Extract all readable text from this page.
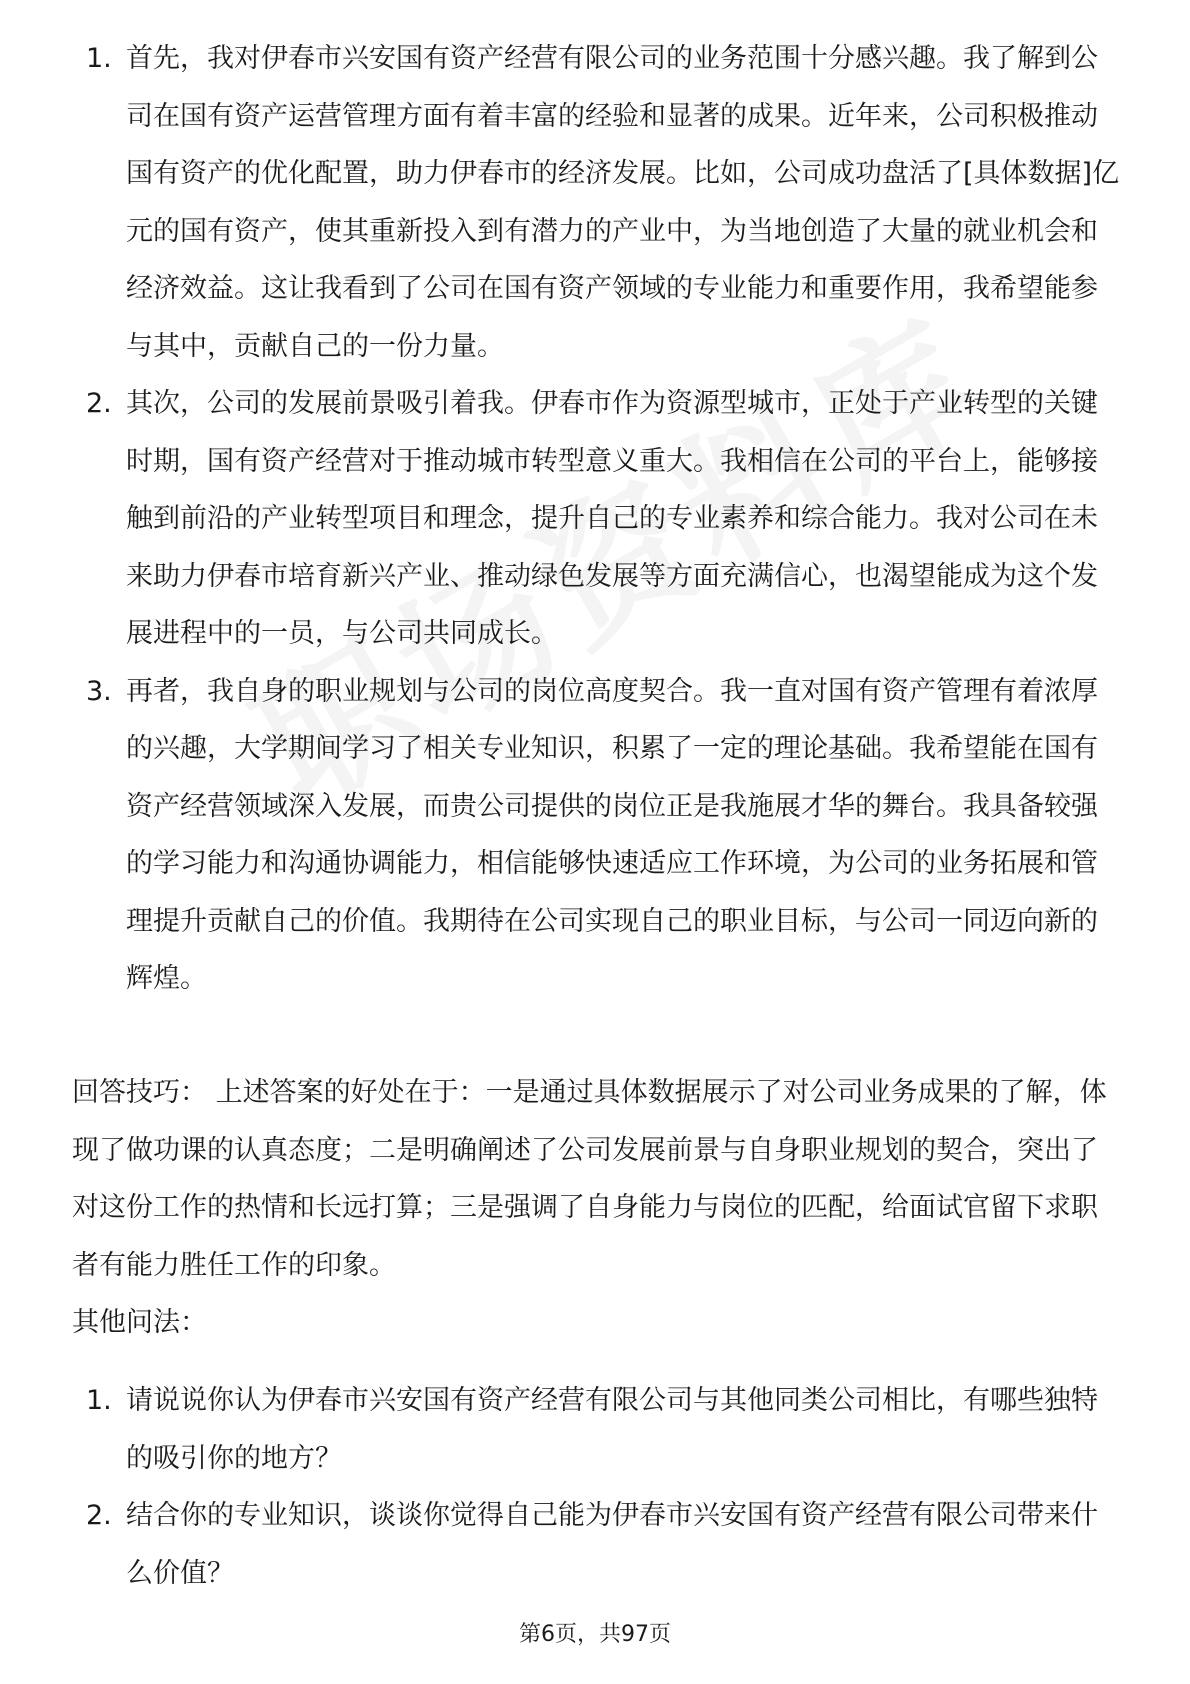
1. 首先，我对伊春市兴安国有资产经营有限公司的业务范围十分感兴趣。我了解到公司在国有资产运营管理方面有着丰富的经验和显著的成果。近年来，公司积极推动国有资产的优化配置，助力伊春市的经济发展。比如，公司成功盘活了[具体数据]亿元的国有资产，使其重新投入到有潜力的产业中，为当地创造了大量的就业机会和经济效益。这让我看到了公司在国有资产领域的专业能力和重要作用，我希望能参与其中，贡献自己的一份力量。
2. 其次，公司的发展前景吸引着我。伊春市作为资源型城市，正处于产业转型的关键时期，国有资产经营对于推动城市转型意义重大。我相信在公司的平台上，能够接触到前沿的产业转型项目和理念，提升自己的专业素养和综合能力。我对公司在未来助力伊春市培育新兴产业、推动绿色发展等方面充满信心，也渴望能成为这个发展进程中的一员，与公司共同成长。
3. 再者，我自身的职业规划与公司的岗位高度契合。我一直对国有资产管理有着浓厚的兴趣，大学期间学习了相关专业知识，积累了一定的理论基础。我希望能在国有资产经营领域深入发展，而贵公司提供的岗位正是我施展才华的舞台。我具备较强的学习能力和沟通协调能力，相信能够快速适应工作环境，为公司的业务拓展和管理提升贡献自己的价值。我期待在公司实现自己的职业目标，与公司一同迈向新的辉煌。

回答技巧： 上述答案的好处在于：一是通过具体数据展示了对公司业务成果的了解，体现了做功课的认真态度；二是明确阐述了公司发展前景与自身职业规划的契合，突出了对这份工作的热情和长远打算；三是强调了自身能力与岗位的匹配，给面试官留下求职者有能力胜任工作的印象。

其他问法：

1. 请说说你认为伊春市兴安国有资产经营有限公司与其他同类公司相比，有哪些独特的吸引你的地方？
2. 结合你的专业知识，谈谈你觉得自己能为伊春市兴安国有资产经营有限公司带来什么价值？
第6页，共97页
